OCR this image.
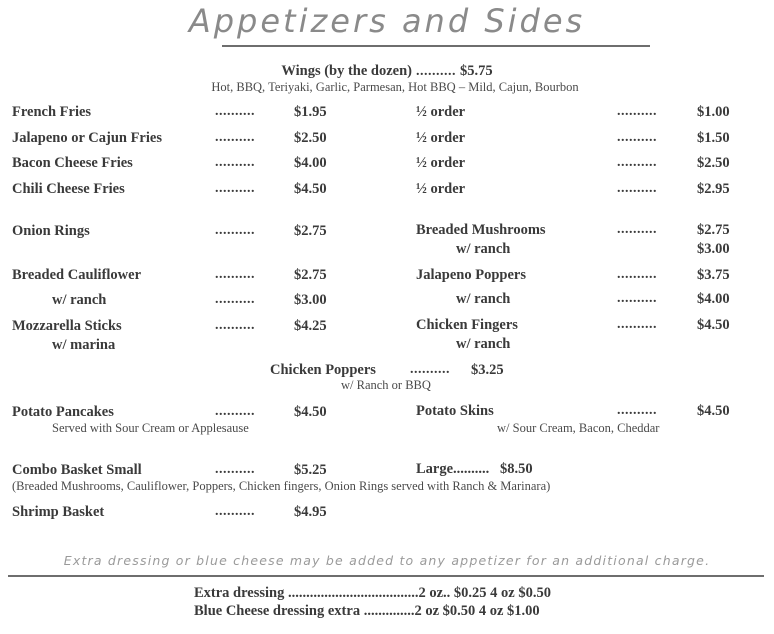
Appetizers and Sides
Wings (by the dozen) .......... $5.75
Hot, BBQ, Teriyaki, Garlic, Parmesan, Hot BBQ – Mild, Cajun, Bourbon
French Fries	..........	$1.95	½ order	..........	$1.00
Jalapeno or Cajun Fries	..........	$2.50	½ order	..........	$1.50
Bacon Cheese Fries	..........	$4.00	½ order	..........	$2.50
Chili Cheese Fries	..........	$4.50	½ order	..........	$2.95
Onion Rings	..........	$2.75	Breaded Mushrooms	..........	$2.75
w/ ranch	$3.00
Breaded Cauliflower	..........	$2.75	Jalapeno Poppers	..........	$3.75
w/ ranch	..........	$3.00	w/ ranch	..........	$4.00
Mozzarella Sticks	..........	$4.25
w/ marina
Chicken Fingers	..........	$4.50
w/ ranch
Chicken Poppers .......... $3.25
w/ Ranch or BBQ
Potato Pancakes	..........	$4.50
Served with Sour Cream or Applesause
Potato Skins	..........	$4.50
w/ Sour Cream, Bacon, Cheddar
Combo Basket Small	..........	$5.25	Large.......... $8.50
(Breaded Mushrooms, Cauliflower, Poppers, Chicken fingers, Onion Rings served with Ranch & Marinara)
Shrimp Basket	..........	$4.95
Extra dressing or blue cheese may be added to any appetizer for an additional charge.
Extra dressing ....................................2 oz.. $0.25 4 oz $0.50
Blue Cheese dressing extra ..............2 oz $0.50 4 oz $1.00
